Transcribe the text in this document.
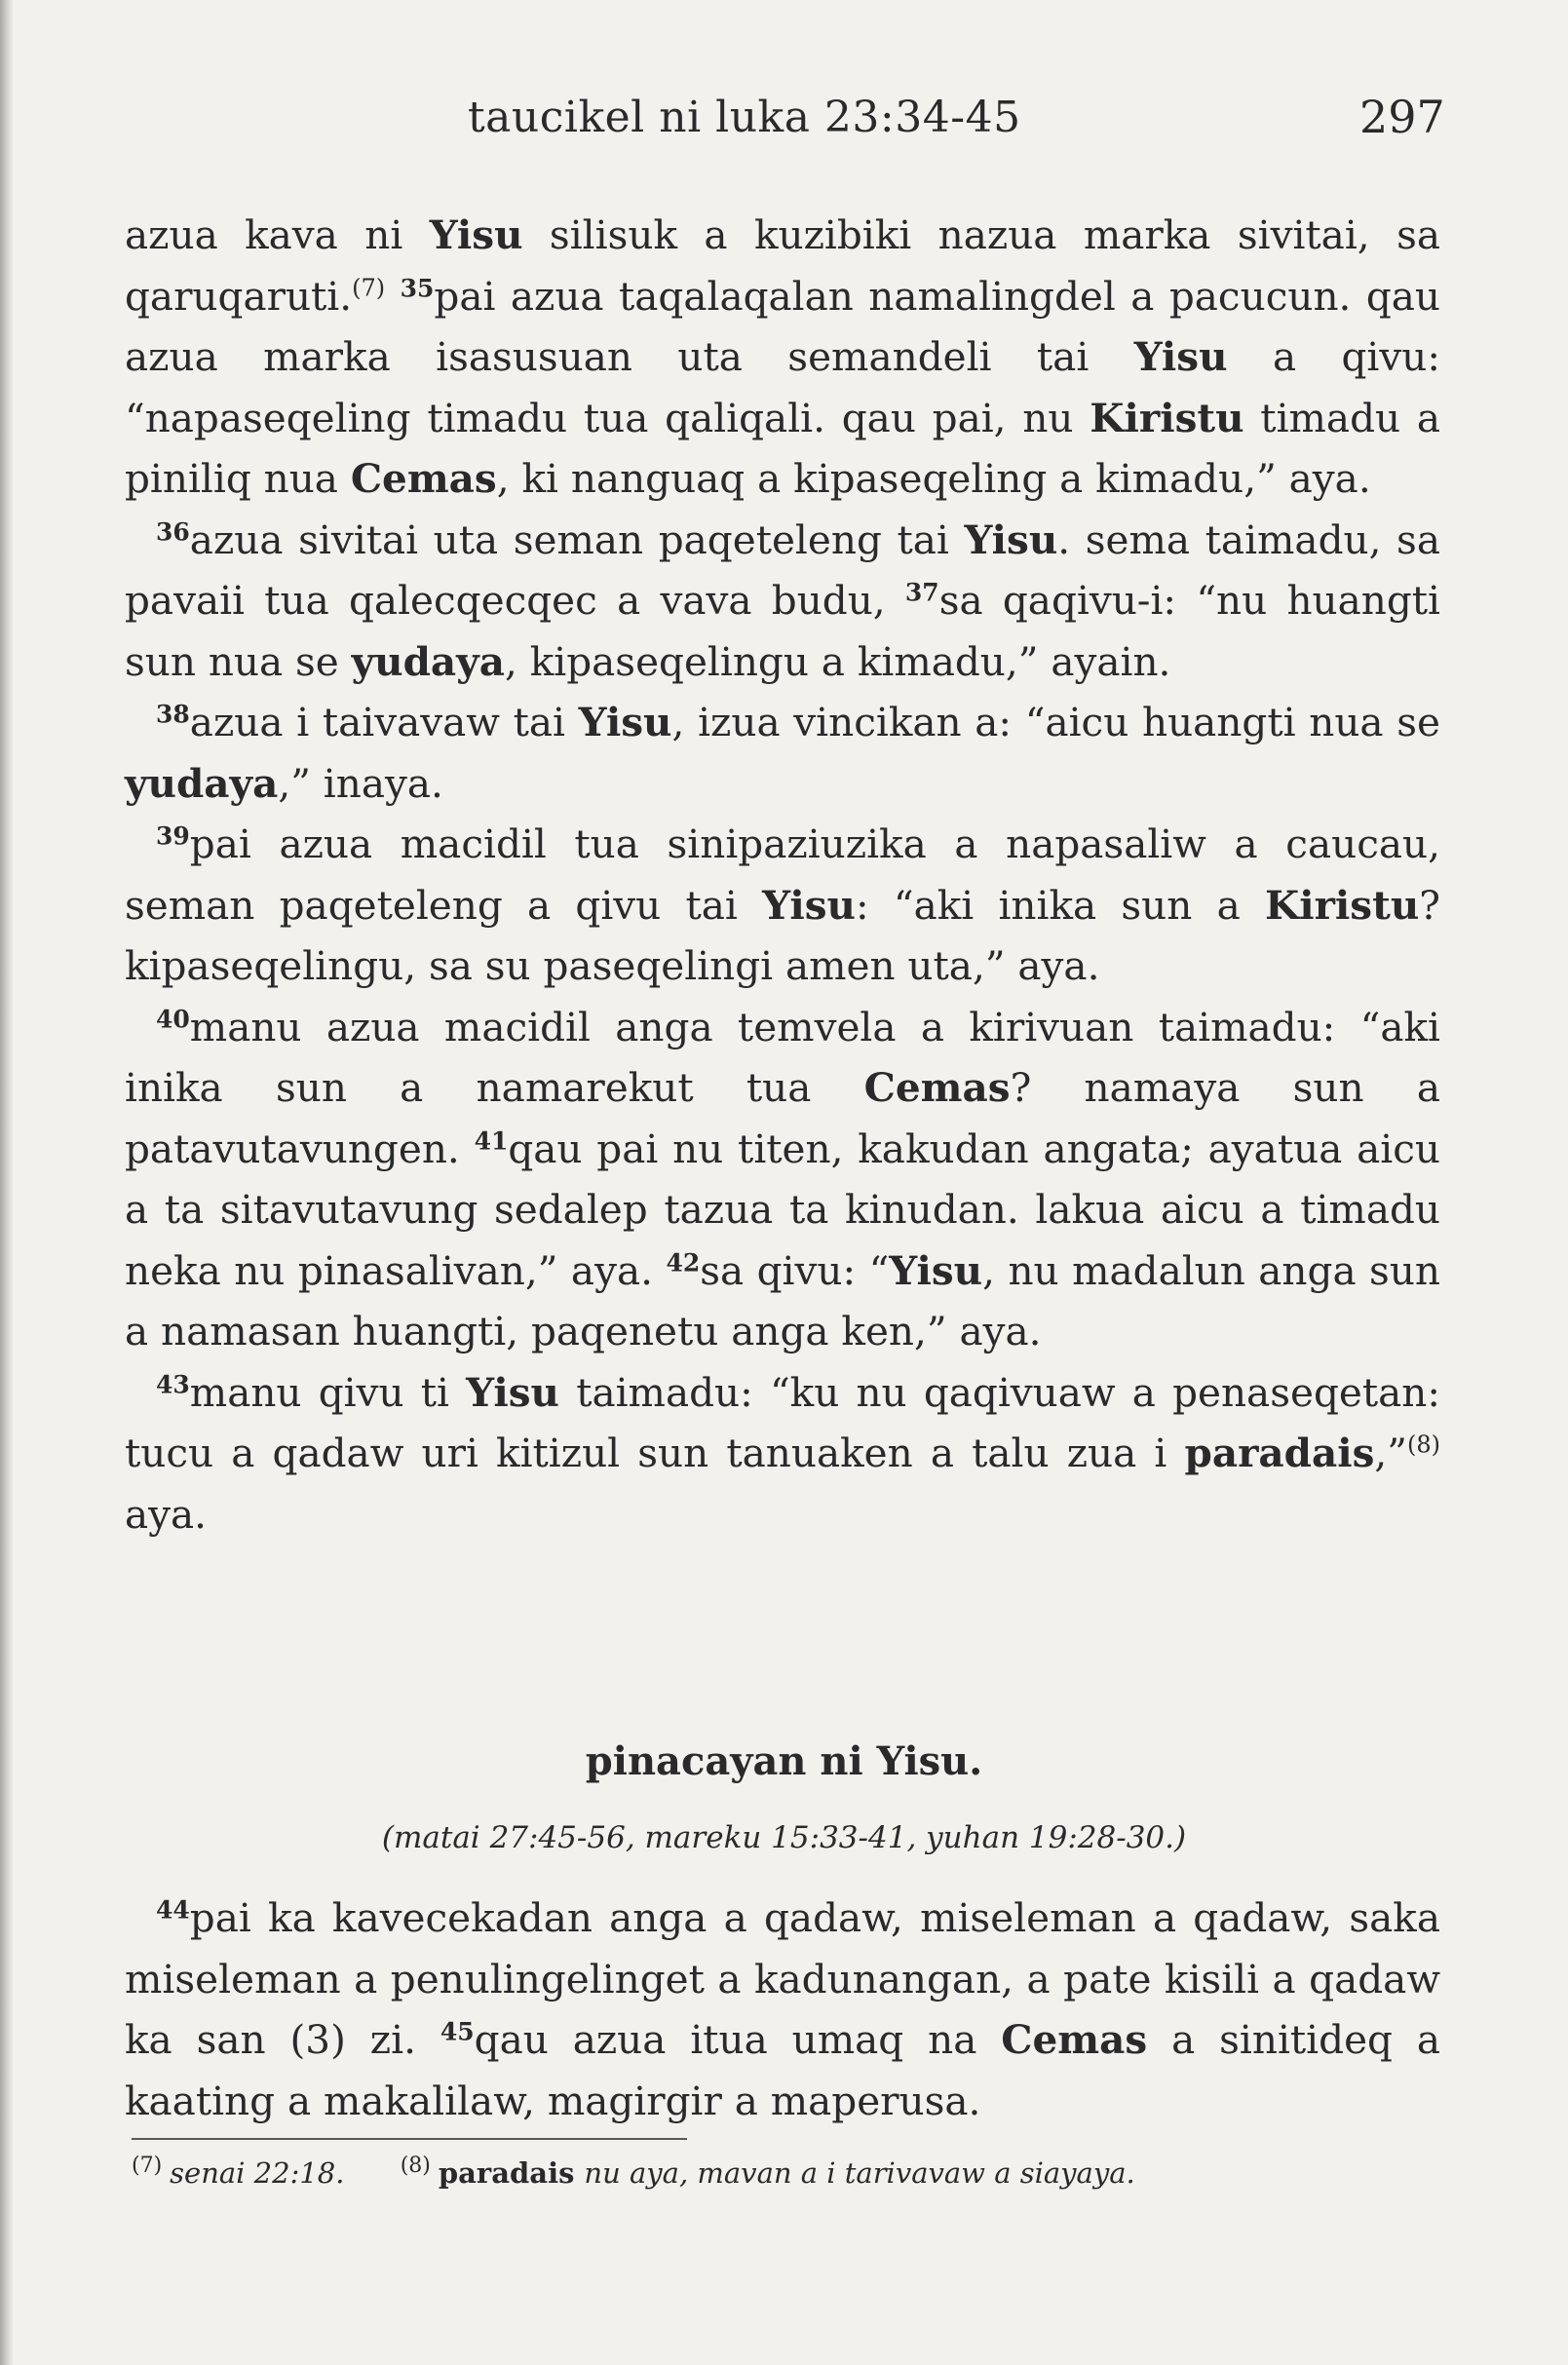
taucikel ni luka 23:34-45	297

azua kava ni Yisu silisuk a kuzibiki nazua marka sivitai, sa qaruqaruti.$^{(7)}$ $^{35}$pai azua taqalaqalan namalingdel a pacucun. qau azua marka isasusuan uta semandeli tai Yisu a qivu: “napaseqeling timadu tua qaliqali. qau pai, nu Kiristu timadu a piniliq nua Cemas, ki nanguaq a kipaseqeling a kimadu,” aya.

$^{36}$azua sivitai uta seman paqeteleng tai Yisu. sema taimadu, sa pavaii tua qalecqecqec a vava budu, $^{37}$sa qaqivu-i: “nu huangti sun nua se yudaya, kipaseqelingu a kimadu,” ayain.

$^{38}$azua i taivavaw tai Yisu, izua vincikan a: “aicu huangti nua se yudaya,” inaya.

$^{39}$pai azua macidil tua sinipaziuzika a napasaliw a caucau, seman paqeteleng a qivu tai Yisu: “aki inika sun a Kiristu? kipaseqelingu, sa su paseqelingi amen uta,” aya.

$^{40}$manu azua macidil anga temvela a kirivuan taimadu: “aki inika sun a namarekut tua Cemas? namaya sun a patavutavungen. $^{41}$qau pai nu titen, kakudan angata; ayatua aicu a ta sitavutavung sedalep tazua ta kinudan. lakua aicu a timadu neka nu pinasalivan,” aya. $^{42}$sa qivu: “Yisu, nu madalun anga sun a namasan huangti, paqenetu anga ken,” aya.

$^{43}$manu qivu ti Yisu taimadu: “ku nu qaqivuaw a penaseqetan: tucu a qadaw uri kitizul sun tanuaken a talu zua i paradais,”$^{(8)}$ aya.

pinacayan ni Yisu.
(matai 27:45-56, mareku 15:33-41, yuhan 19:28-30.)

$^{44}$pai ka kavecekadan anga a qadaw, miseleman a qadaw, saka miseleman a penulingelinget a kadunangan, a pate kisili a qadaw ka san (3) zi. $^{45}$qau azua itua umaq na Cemas a sinitideq a kaating a makalilaw, magirgir a maperusa.

$^{(7)}$ senai 22:18.	$^{(8)}$ paradais nu aya, mavan a i tarivavaw a siayaya.
